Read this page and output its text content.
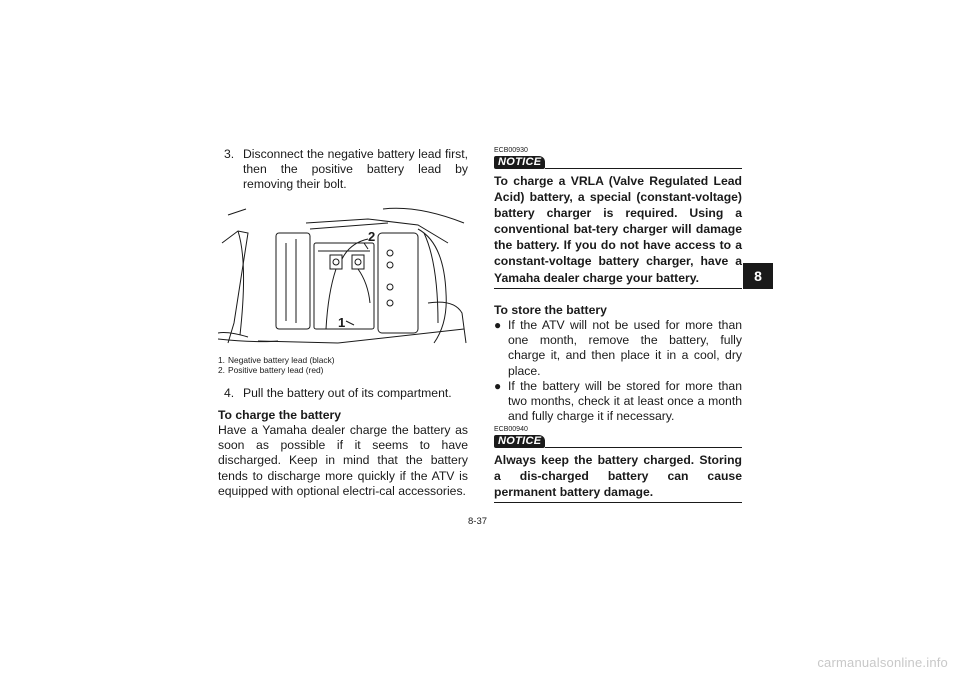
3. Disconnect the negative battery lead first, then the positive battery lead by removing their bolt.
2
1
1. Negative battery lead (black)
2. Positive battery lead (red)
4. Pull the battery out of its compartment.
To charge the battery
Have a Yamaha dealer charge the battery as soon as possible if it seems to have discharged. Keep in mind that the battery tends to discharge more quickly if the ATV is equipped with optional electri-cal accessories.
ECB00930
NOTICE
To charge a VRLA (Valve Regulated Lead Acid) battery, a special (constant-voltage) battery charger is required. Using a conventional bat-tery charger will damage the battery. If you do not have access to a constant-voltage battery charger, have a Yamaha dealer charge your battery.
To store the battery
● If the ATV will not be used for more than one month, remove the battery, fully charge it, and then place it in a cool, dry place.
● If the battery will be stored for more than two months, check it at least once a month and fully charge it if necessary.
ECB00940
NOTICE
Always keep the battery charged. Storing a dis-charged battery can cause permanent battery damage.
8-37
8
carmanualsonline.info
